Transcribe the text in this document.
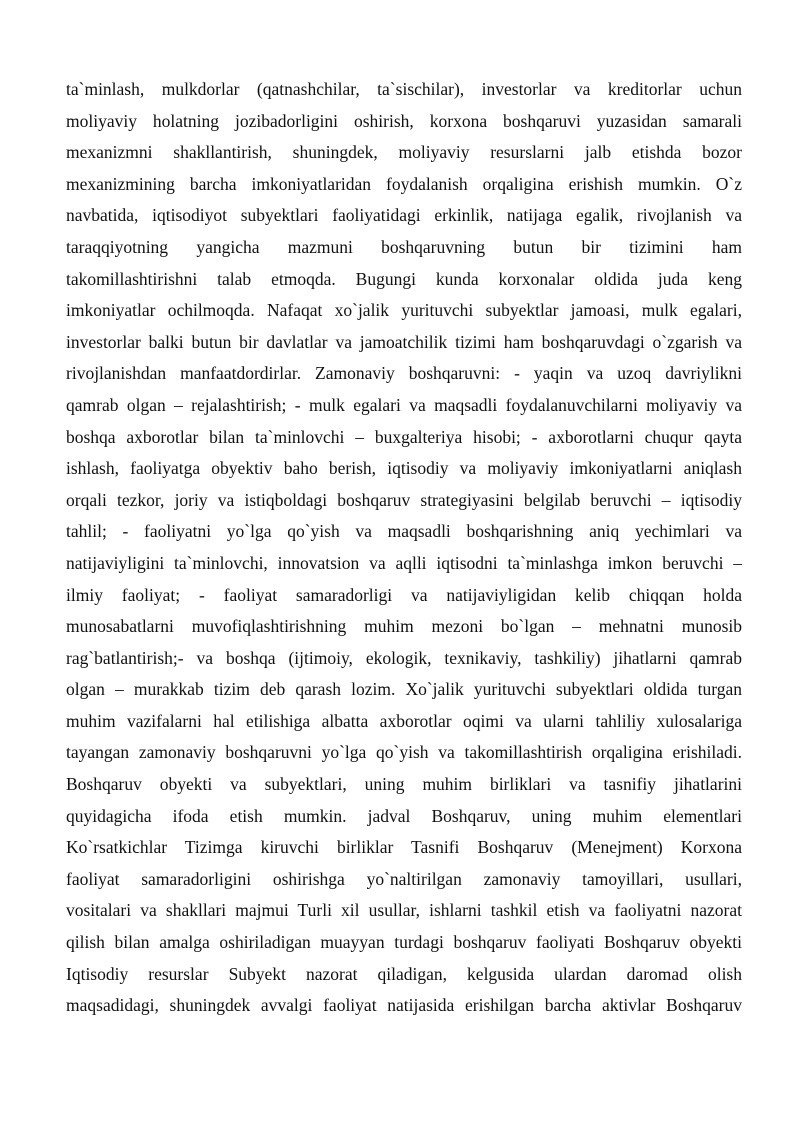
ta`minlash, mulkdorlar (qatnashchilar, ta`sischilar), investorlar va kreditorlar uchun
moliyaviy holatning jozibadorligini oshirish, korxona boshqaruvi yuzasidan samarali
mexanizmni shakllantirish, shuningdek, moliyaviy resurslarni jalb etishda bozor
mexanizmining barcha imkoniyatlaridan foydalanish orqaligina erishish mumkin. O`z
navbatida, iqtisodiyot subyektlari faoliyatidagi erkinlik, natijaga egalik, rivojlanish va
taraqqiyotning yangicha mazmuni boshqaruvning butun bir tizimini ham
takomillashtirishni talab etmoqda. Bugungi kunda korxonalar oldida juda keng
imkoniyatlar ochilmoqda. Nafaqat xo`jalik yurituvchi subyektlar jamoasi, mulk egalari,
investorlar balki butun bir davlatlar va jamoatchilik tizimi ham boshqaruvdagi o`zgarish va
rivojlanishdan manfaatdordirlar. Zamonaviy boshqaruvni: - yaqin va uzoq davriylikni
qamrab olgan – rejalashtirish; - mulk egalari va maqsadli foydalanuvchilarni moliyaviy va
boshqa axborotlar bilan ta`minlovchi – buxgalteriya hisobi; - axborotlarni chuqur qayta
ishlash, faoliyatga obyektiv baho berish, iqtisodiy va moliyaviy imkoniyatlarni aniqlash
orqali tezkor, joriy va istiqboldagi boshqaruv strategiyasini belgilab beruvchi – iqtisodiy
tahlil; - faoliyatni yo`lga qo`yish va maqsadli boshqarishning aniq yechimlari va
natijaviyligini ta`minlovchi, innovatsion va aqlli iqtisodni ta`minlashga imkon beruvchi –
ilmiy faoliyat; - faoliyat samaradorligi va natijaviyligidan kelib chiqqan holda
munosabatlarni muvofiqlashtirishning muhim mezoni bo`lgan – mehnatni munosib
rag`batlantirish;- va boshqa (ijtimoiy, ekologik, texnikaviy, tashkiliy) jihatlarni qamrab
olgan – murakkab tizim deb qarash lozim. Xo`jalik yurituvchi subyektlari oldida turgan
muhim vazifalarni hal etilishiga albatta axborotlar oqimi va ularni tahliliy xulosalariga
tayangan zamonaviy boshqaruvni yo`lga qo`yish va takomillashtirish orqaligina erishiladi.
Boshqaruv obyekti va subyektlari, uning muhim birliklari va tasnifiy jihatlarini
quyidagicha ifoda etish mumkin. jadval Boshqaruv, uning muhim elementlari
Ko`rsatkichlar Tizimga kiruvchi birliklar Tasnifi Boshqaruv (Menejment) Korxona
faoliyat samaradorligini oshirishga yo`naltirilgan zamonaviy tamoyillari, usullari,
vositalari va shakllari majmui Turli xil usullar, ishlarni tashkil etish va faoliyatni nazorat
qilish bilan amalga oshiriladigan muayyan turdagi boshqaruv faoliyati Boshqaruv obyekti
Iqtisodiy resurslar Subyekt nazorat qiladigan, kelgusida ulardan daromad olish
maqsadidagi, shuningdek avvalgi faoliyat natijasida erishilgan barcha aktivlar Boshqaruv
